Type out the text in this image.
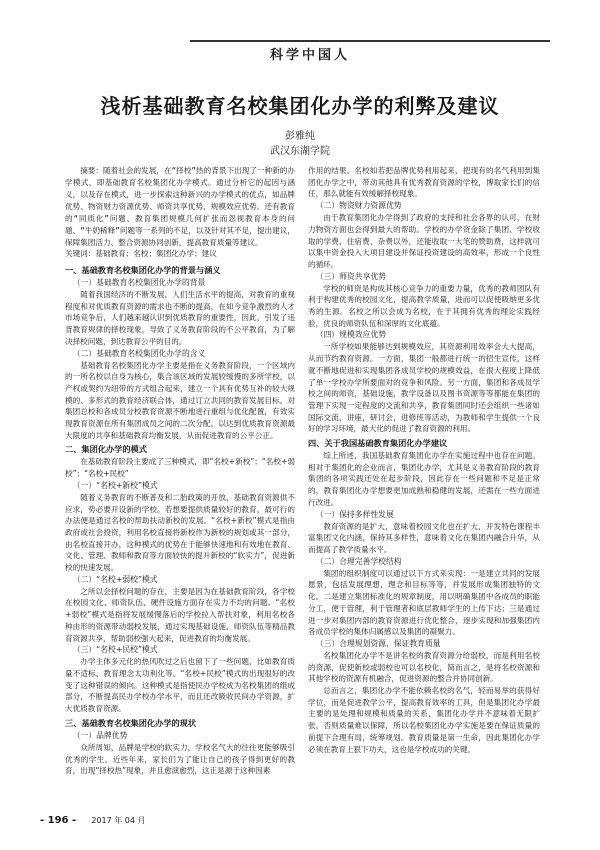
科学中国人
浅析基础教育名校集团化办学的利弊及建议
彭雅纯
武汉东湖学院
摘要：随着社会的发展，在“择校”热的背景下出现了一种新的办学模式，即基础教育名校集团化办学模式。通过分析它的起因与涵义，以及存在模式，进一步探索这种新兴的办学模式的优点，如品牌优势、物资财力资源优势、师资共享优势、规模效应优势。还有教育的“同质化”问题、教育集团规模几何扩张而忽视教育本身的问题、“牛奶稀释”问题等一系列的不足，以及针对其不足，提出建议，保障集团活力、整合资源协同创新，提高教育质量等建议。
关键词：基础教育；名校；集团化办学；建议

一、基础教育名校集团化办学的背景与涵义

（一）基础教育名校集团化办学的背景

随着我国经济的不断发展，人们生活水平的提高，对教育的重视程度和对优质教育资源的需求也不断的提高，在如今竞争激烈的人才市场竞争后，人们越来越认识到优质教育的重要性，因此，引发了违背教育规律的择校现象，导致了义务教育阶段的不公平教育，为了解决择校问题，到达教育公平的目的。

（二）基础教育名校集团化办学的含义

基础教育名校集团化办学主要是指在义务教育阶段，一个区域内的一所名校以自身为核心，集合该区域的发展较缓慢的多所学校，以产权或契约为纽带的方式组合起来，建立一个具有优势互补的较大规模的、多形式的教育经济联合体，通过订立共同的教育发展目标，对集团总校和各成员分校教育资源不断地进行重组与优化配置，有效实现教育资源在所有集团成员之间的二次分配，以达到优质教育资源最大限度的共享和基础教育均衡发展，从而促进教育的公平公正。

二、集团化办学的模式

在基础教育阶段主要成了三种模式，即“名校+新校”；“名校+弱校”；“名校+民校”

（一）“名校+新校”模式

随着义务教育的不断普及和二胎政策的开放，基础教育资源供不应求，势必要开设新的学校。若想要提供质量较好的教育，最可行的办法便是通过名校的帮助扶动新校的发展。“名校+新校”模式是指由政府或社会投资，利用名校直接将新校作为新校的规划或其一部分，由名校直接开办，这种模式的优势在于能够快速地和有效地在教育、文化、管理、教师和教育等方面较快的提升新校的“软实力”，促进新校的快速发展。

（二）“名校+弱校”模式

之所以会择校问题的存在，主要是因为在基础教育阶段，各学校在校园文化、师资队伍、硬件设施方面存在实力不均的问题。“名校+弱校”模式是指将发展缓慢落后的学校拉入帮扶对象，利用名校各种由形的资源带动弱校发展，通过实现基础设施、师资队伍等精品教育资源共享，帮助弱校强大起来，促进教育的均衡发展。

（三）“名校+民校”模式

办学主体多元化的热风吹过之后也留下了一些问题，比如教育质量不适标、教育理念太功利化等。“名校+民校”模式的出现很好的改变了这种错误的倾向。这种模式是指使民办学校成为名校集团的组成部分，不断提高民办学校办学水平，而且还改吸收民间办学资源，扩大优质教育资源。

三、基础教育名校集团化办学的现状

（一）品牌优势

众所周知，品牌是学校的软实力，学校名气大的往往更能够吸引优秀的学生。近些年来，家长们为了能让自己的孩子得到更好的教育，出现“择校热”现象，并且愈演愈烈，这正是源于这种因素

作用的结果。名校如若把品牌优势利用起来，把现有的名气利用到集团化办学之中，带动其他具有优秀教育资源的学校，博取家长们的信任，那么就能有效缓解择校现象。

（二）物资财力资源优势

由于教育集团化办学得到了政府的支持和社会各界的认可，在财力物资方面也会得到最大的帮助。学校的办学资金除了集团、学校收取的学费、住宿费、杂费以外，还能收取一大笔的赞助费，这样就可以集中资金投入大项目建设并保证投资建设的高效率，形成一个良性的循环。

（三）师资共享优势

学校的师资是构成其核心竞争力的重要力量，优秀的教师团队有利于构建优秀的校园文化，提高教学质量，进而可以促使吸纳更多优秀的生源。名校之所以会成为名校，在于其拥有优秀的理论实践经验，优良的师资队伍和深厚的文化底蕴。

（四）规模效应优势

一所学校如果能够达到规模效应，其资源利用效率会大大提高，从而节约教育资源。一方面，集团一般都进行统一的招生宣传，这样就不断地促进和实现集团各成员学校的规模效益，在很大程度上降低了单一学校办学所要面对的竞争和风险。另一方面，集团和各成员学校之间的师资，基础设施，教学设备以及图书资源等等都能在集团的管理下实现一定程度的交流和共享，教育集团同时还会组织一些诸如国际交流，讲座，研讨会，进修班等活动，为教师和学生提供一个良好的学习环境，最大化的促进了教育资源的利用。

四、关于我国基础教育集团化办学建议

综上所述，我国基础教育集团化办学在实施过程中也存在问题。相对于集团化的企业而言，集团化办学，尤其是义务教育阶段的教育集团的各项实践还处在起步阶段，因此存在一些问题和不足是正常的，教育集团化办学想要更加成熟和稳健的发展，还需在一些方面进行改进。

（一）保持多样性发展

教育资源的是扩大，意味着校园文化也在扩大，开发特色课程丰富集团文化内涵，保持其多样性，意味着文化在集团内融合升华，从而提高了教学质量水平。

（二）合理完善学校结构

集团的组织制度可以通过以下方式来实现：一是建立共同的发展愿景，包括发展理想，理念和目标等等，并发展形成集团独特的文化。二是建立集团标准化的规章制度，用以明确集团中各成员的职能分工，便于管理，利于管理者和底层教师学生的上传下达；三是通过进一步对集团内部的教育资源进行优化整合，逐步实现和加强集团内各成员学校的集体归属感以及集团的凝聚力。

（三）合理规划资源，保证教育质量

名校集团化办学不是讲名校的教育资源分给弱校，而是利用名校的资源，促使新校或弱校也可以名校化，简而言之，是将名校资源和其他学校的资源有机融合，促进资源的整合并协同创新。

总而言之，集团化办学不能依赖名校的名气，轻而易举的获得好学位，而是促进教学公平，提高教育效率的工具，但是集团化办学最主要的是处理和规模和质量的关系，集团化办学并不意味着无限扩张，否则质量难以保障，所以名校集团化办学实施是要在保证质量的前提下合理有局，统筹规划。教育质量是第一生命，因此集团化办学必须在教育上狠下功夫，这也是学校成功的关键。

- 196 - 2017 年 04 月
